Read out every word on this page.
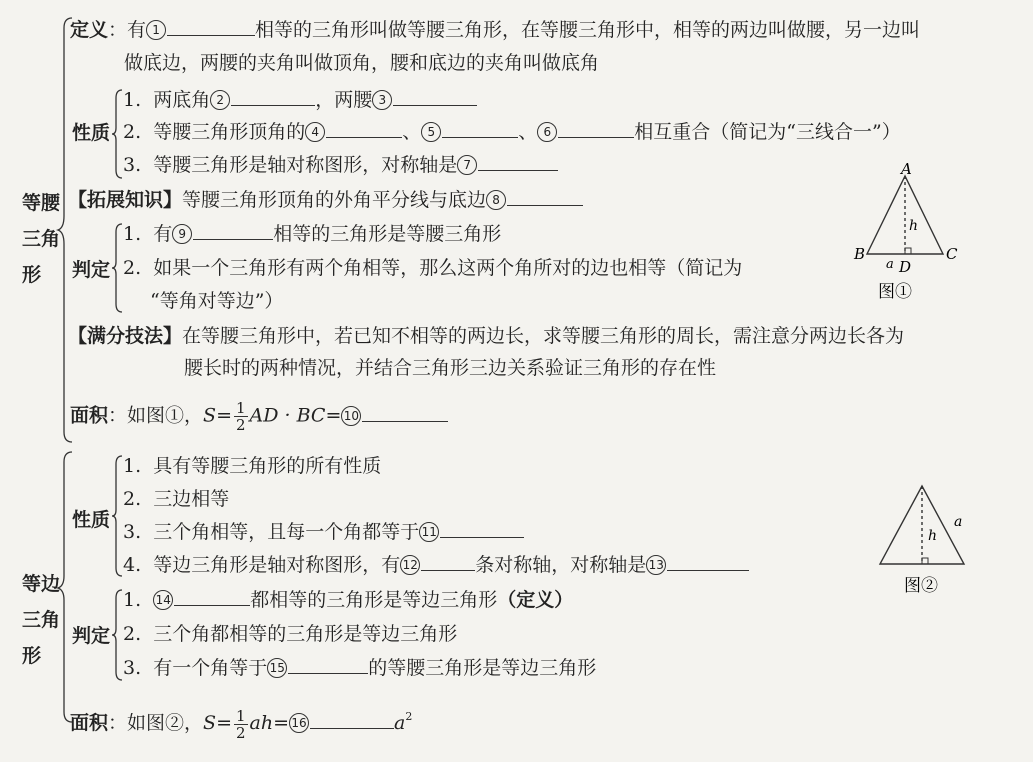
等腰
三角
形
定义：有 1	相等的三角形叫做等腰三角形，在等腰三角形中，相等的两边叫做腰，另一边叫
做底边，两腰的夹角叫做顶角，腰和底边的夹角叫做底角
性质
1. 两底角 2	，两腰 3
2. 等腰三角形顶角的 4	、 5	、 6	相互重合（简记为“三线合一”）
3. 等腰三角形是轴对称图形，对称轴是 7
【拓展知识】等腰三角形顶角的外角平分线与底边 8
判定
1. 有 9	相等的三角形是等腰三角形
2. 如果一个三角形有两个角相等，那么这两个角所对的边也相等（简记为
“等角对等边”）
【满分技法】在等腰三角形中，若已知不相等的两边长，求等腰三角形的周长，需注意分两边长各为
腰长时的两种情况，并结合三角形三边关系验证三角形的存在性
面积：如图①，$S= \frac{1}{2}$ AD · BC= 10
A
B	C
D
h
a
图①
等边
三角
形
性质
1. 具有等腰三角形的所有性质
2. 三边相等
3. 三个角相等，且每一个角都等于 11
4. 等边三角形是轴对称图形，有 12	条对称轴，对称轴是 13
判定
1. 14	都相等的三角形是等边三角形（定义）
2. 三个角都相等的三角形是等边三角形
3. 有一个角等于 15	的等腰三角形是等边三角形
面积：如图②，$S= \frac{1}{2} ah= 16$	$a^2$
h
a
图②
